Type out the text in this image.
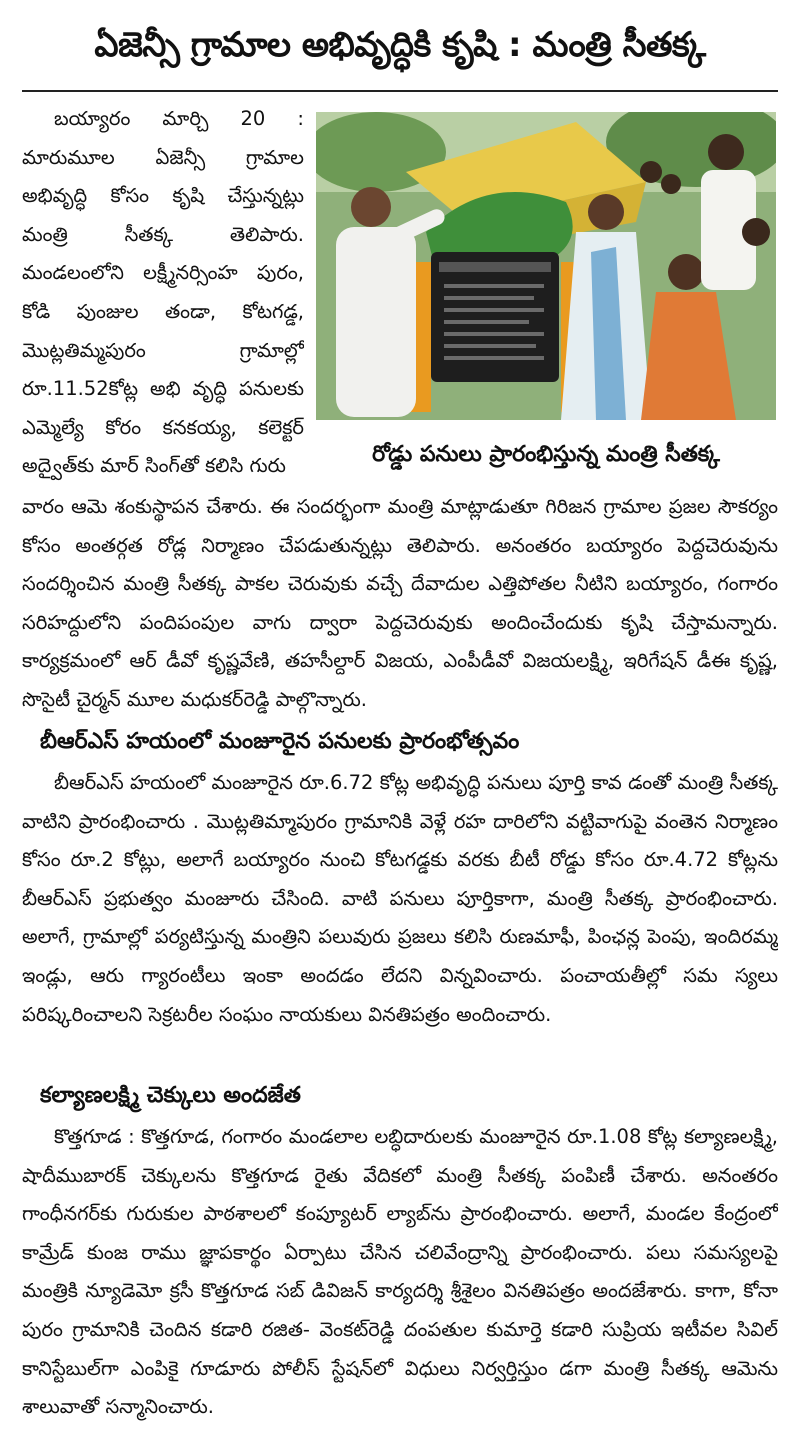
ఏజెన్సీ గ్రామాల అభివృద్ధికి కృషి : మంత్రి సీతక్క
బయ్యారం మార్చి 20 : మారుమూల ఏజెన్సీ గ్రామాల అభివృద్ధి కోసం కృషి చేస్తున్నట్లు మంత్రి సీతక్క తెలిపారు. మండలంలోని లక్ష్మీనర్సింహ పురం, కోడి పుంజుల తండా, కోటగడ్డ, మొట్లతిమ్మపురం గ్రామాల్లో రూ.11.52కోట్ల అభి వృద్ధి పనులకు ఎమ్మెల్యే కోరం కనకయ్య, కలెక్టర్ అద్వైత్‌కు మార్ సింగ్‌తో కలిసి గురు	రోడ్డు పనులు ప్రారంభిస్తున్న మంత్రి సీతక్క
వారం ఆమె శంకుస్థాపన చేశారు. ఈ సందర్భంగా మంత్రి మాట్లాడుతూ గిరిజన గ్రామాల ప్రజల సౌకర్యం కోసం అంతర్గత రోడ్ల నిర్మాణం చేపడుతున్నట్లు తెలిపారు. అనంతరం బయ్యారం పెద్దచెరువును సందర్శించిన మంత్రి సీతక్క పాకల చెరువుకు వచ్చే దేవాదుల ఎత్తిపోతల నీటిని బయ్యారం, గంగారం సరిహద్దులోని పందిపంపుల వాగు ద్వారా పెద్దచెరువుకు అందించేందుకు కృషి చేస్తామన్నారు. కార్యక్రమంలో ఆర్ డీవో కృష్ణవేణి, తహసీల్దార్ విజయ, ఎంపీడీవో విజయలక్ష్మి, ఇరిగేషన్ డీఈ కృష్ణ, సొసైటీ చైర్మన్ మూల మధుకర్‌రెడ్డి పాల్గొన్నారు.
బీఆర్ఎస్ హయంలో మంజూరైన పనులకు ప్రారంభోత్సవం
బీఆర్ఎస్ హయంలో మంజూరైన రూ.6.72 కోట్ల అభివృద్ధి పనులు పూర్తి కావ డంతో మంత్రి సీతక్క వాటిని ప్రారంభించారు . మొట్లతిమ్మాపురం గ్రామానికి వెళ్లే రహ దారిలోని వట్టివాగుపై వంతెన నిర్మాణం కోసం రూ.2 కోట్లు, అలాగే బయ్యారం నుంచి కోటగడ్డకు వరకు బీటీ రోడ్డు కోసం రూ.4.72 కోట్లను బీఆర్ఎస్ ప్రభుత్వం మంజూరు చేసింది. వాటి పనులు పూర్తికాగా, మంత్రి సీతక్క ప్రారంభించారు. అలాగే, గ్రామాల్లో పర్యటిస్తున్న మంత్రిని పలువురు ప్రజలు కలిసి రుణమాఫీ, పింఛన్ల పెంపు, ఇందిరమ్మ ఇండ్లు, ఆరు గ్యారంటీలు ఇంకా అందడం లేదని విన్నవించారు. పంచాయతీల్లో సమ స్యలు పరిష్కరించాలని సెక్రటరీల సంఘం నాయకులు వినతిపత్రం అందించారు.
కల్యాణలక్ష్మి చెక్కులు అందజేత
కొత్తగూడ : కొత్తగూడ, గంగారం మండలాల లబ్ధిదారులకు మంజూరైన రూ.1.08 కోట్ల కల్యాణలక్ష్మి, షాదీముబారక్ చెక్కులను కొత్తగూడ రైతు వేదికలో మంత్రి సీతక్క పంపిణీ చేశారు. అనంతరం గాంధీనగర్‌కు గురుకుల పాఠశాలలో కంప్యూటర్ ల్యాబ్‌ను ప్రారంభించారు. అలాగే, మండల కేంద్రంలో కామ్రేడ్ కుంజ రాము జ్ఞాపకార్థం ఏర్పాటు చేసిన చలివేంద్రాన్ని ప్రారంభించారు. పలు సమస్యలపై మంత్రికి న్యూడెమో క్రసీ కొత్తగూడ సబ్ డివిజన్ కార్యదర్శి శ్రీశైలం వినతిపత్రం అందజేశారు. కాగా, కోనా పురం గ్రామానికి చెందిన కడారి రజిత- వెంకట్‌రెడ్డి దంపతుల కుమార్తె కడారి సుప్రియ ఇటీవల సివిల్ కానిస్టేబుల్‌గా ఎంపికై గూడూరు పోలీస్ స్టేషన్‌లో విధులు నిర్వర్తిస్తుం డగా మంత్రి సీతక్క ఆమెను శాలువాతో సన్మానించారు.
